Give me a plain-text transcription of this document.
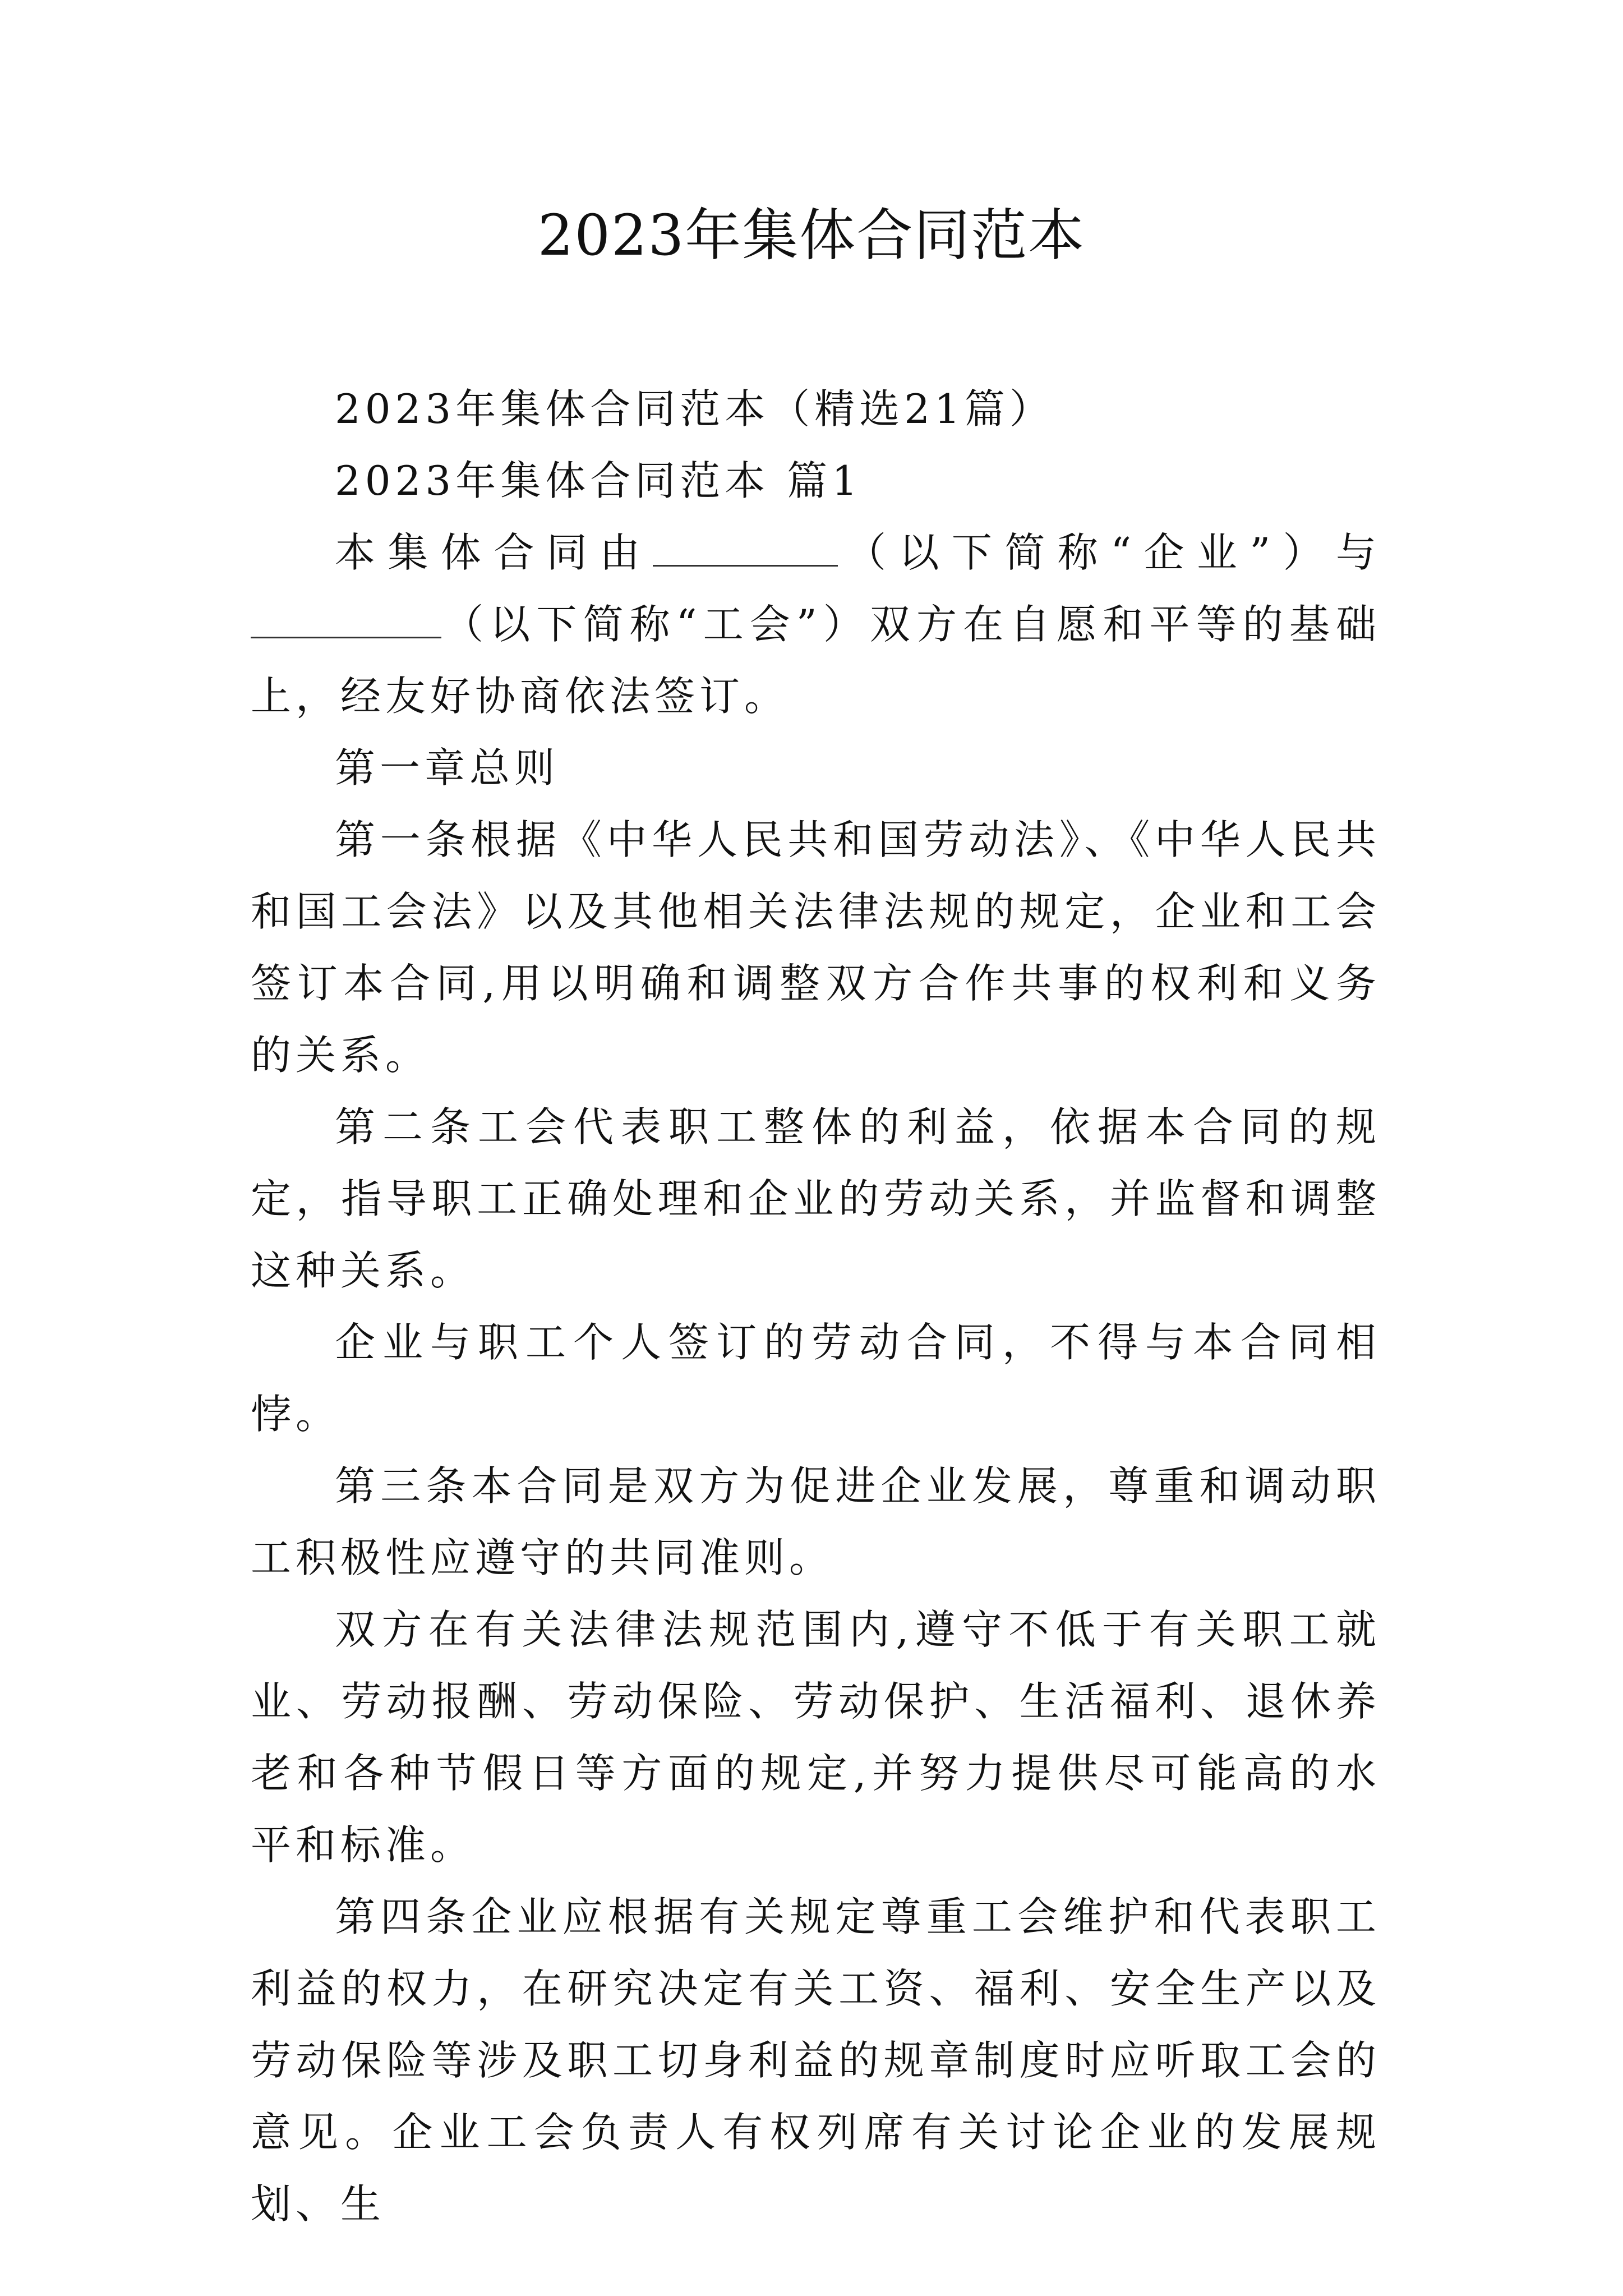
2023年集体合同范本

2023年集体合同范本（精选21篇）

2023年集体合同范本 篇1

本集体合同由	（以下简称“企业”）与（以下简称“工会”）双方在自愿和平等的基础上，经友好协商依法签订。

第一章总则

第一条根据《中华人民共和国劳动法》、《中华人民共和国工会法》以及其他相关法律法规的规定，企业和工会签订本合同,用以明确和调整双方合作共事的权利和义务的关系。

第二条工会代表职工整体的利益，依据本合同的规定，指导职工正确处理和企业的劳动关系，并监督和调整这种关系。

企业与职工个人签订的劳动合同，不得与本合同相悖。

第三条本合同是双方为促进企业发展，尊重和调动职工积极性应遵守的共同准则。

双方在有关法律法规范围内,遵守不低于有关职工就业、劳动报酬、劳动保险、劳动保护、生活福利、退休养老和各种节假日等方面的规定,并努力提供尽可能高的水平和标准。

第四条企业应根据有关规定尊重工会维护和代表职工利益的权力，在研究决定有关工资、福利、安全生产以及劳动保险等涉及职工切身利益的规章制度时应听取工会的意见。企业工会负责人有权列席有关讨论企业的发展规划、生
